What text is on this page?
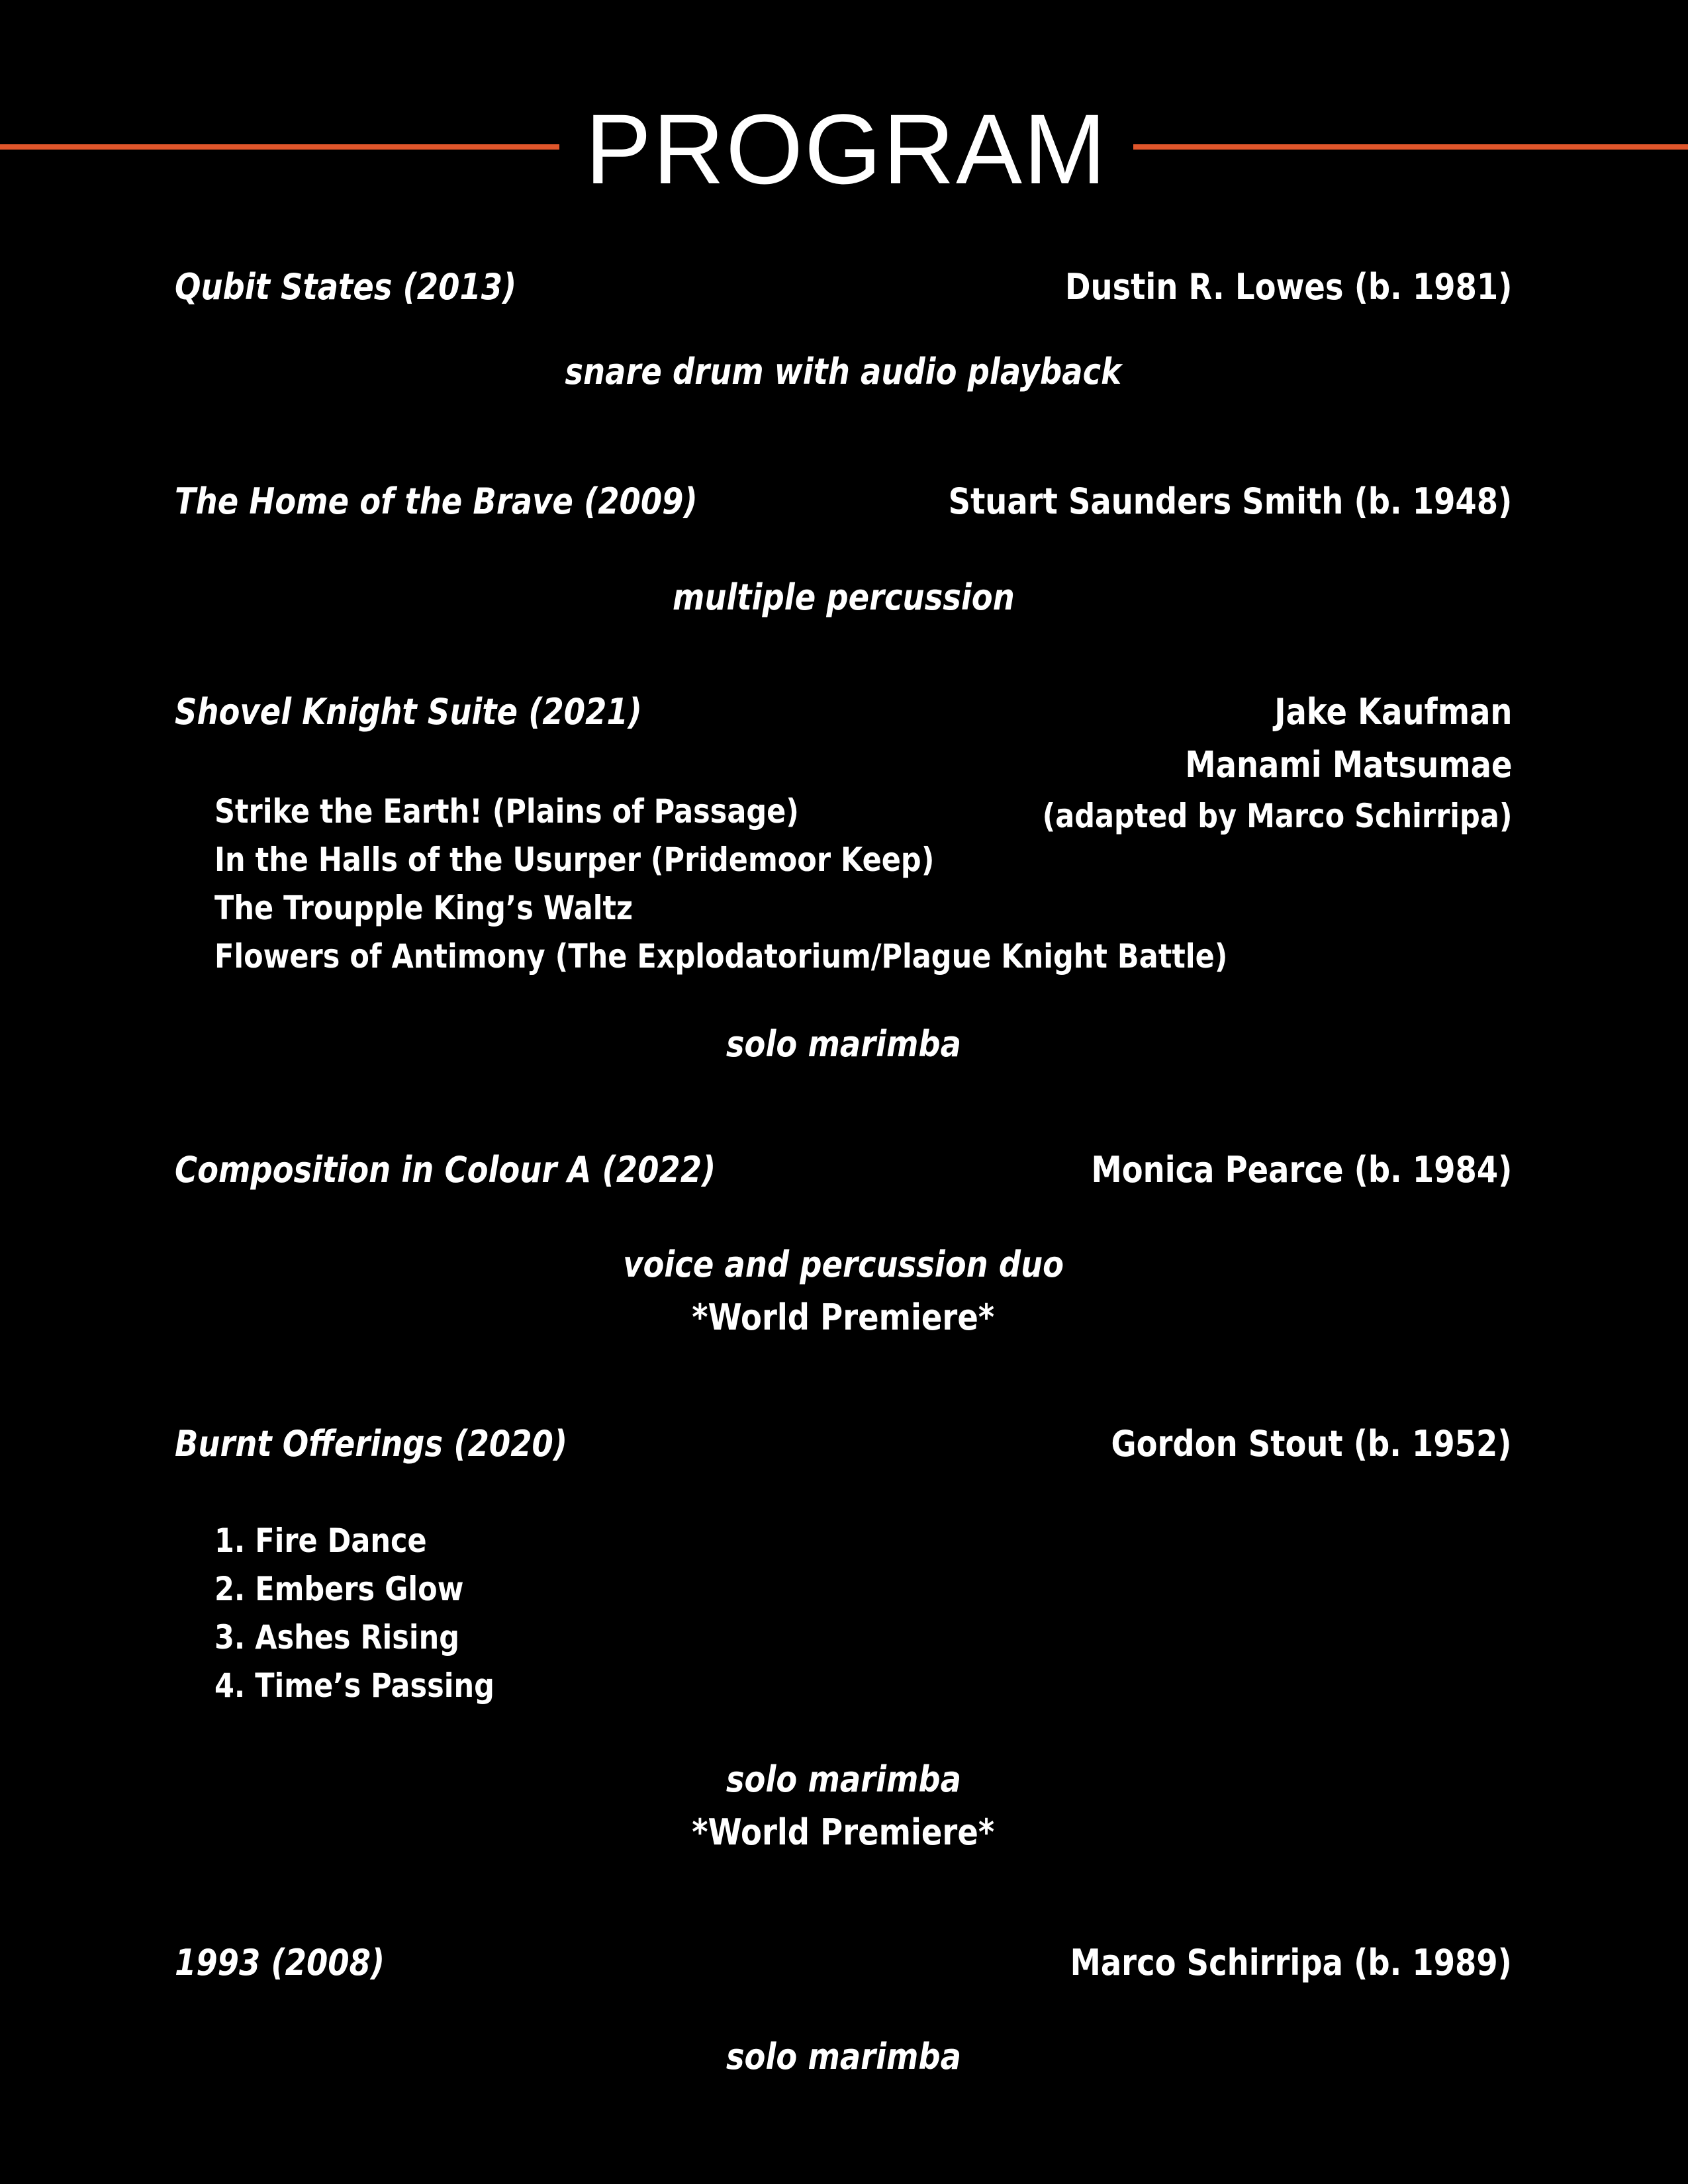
PROGRAM
Qubit States (2013)	Dustin R. Lowes (b. 1981)
snare drum with audio playback
The Home of the Brave (2009)	Stuart Saunders Smith (b. 1948)
multiple percussion
Shovel Knight Suite (2021)	Jake Kaufman
Manami Matsumae
(adapted by Marco Schirripa)
Strike the Earth! (Plains of Passage)
In the Halls of the Usurper (Pridemoor Keep)
The Troupple King’s Waltz
Flowers of Antimony (The Explodatorium/Plague Knight Battle)
solo marimba
Composition in Colour A (2022)	Monica Pearce (b. 1984)
voice and percussion duo
*World Premiere*
Burnt Offerings (2020)	Gordon Stout (b. 1952)
1. Fire Dance
2. Embers Glow
3. Ashes Rising
4. Time’s Passing
solo marimba
*World Premiere*
1993 (2008)	Marco Schirripa (b. 1989)
solo marimba
